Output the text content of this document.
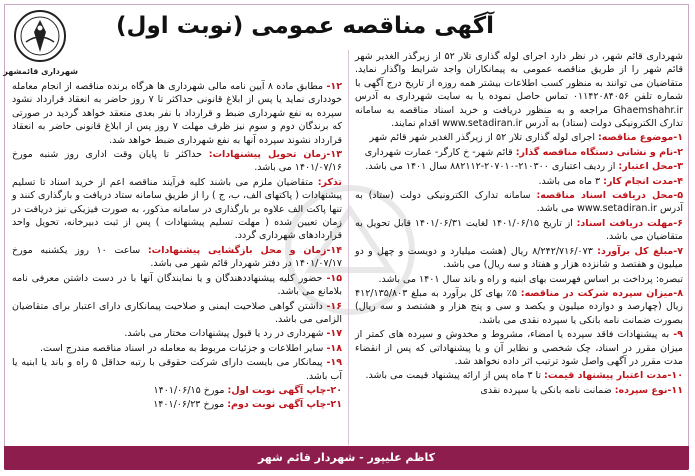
آگهی مناقصه عمومی (نوبت اول)
شهرداری قائمشهر

شهرداری قائم شهر، در نظر دارد اجرای لوله گذاری تلار ۵۲ از زیرگذر الغدیر شهر قائم شهر را از طریق مناقصه عمومی به پیمانکاران واجد شرایط واگذار نماید. متقاضیان می توانند به منظور کسب اطلاعات بیشتر همه روزه از تاریخ درج آگهی با شماره تلفن ۰۱۱۴۲۰۸۴۰۵۶ تماس حاصل نموده یا به سایت شهرداری به آدرس Ghaemshahr.ir مراجعه و به منظور دریافت و خرید اسناد مناقصه به سامانه تدارک الکترونیکی دولت (ستاد) به آدرس www.setadiran.ir اقدام نمایند.

۱-موضوع مناقصه: اجرای لوله گذاری تلار ۵۲ از زیرگذر الغدیر شهر قائم شهر

۲-نام و نشانی دستگاه مناقصه گذار: قائم شهر- خ کارگر- عمارت شهرداری

۳-محل اعتبار: از ردیف اعتباری ۲۱۰۳۰۰-۲۰۷۰۱۰-۸۸۲۱۱۲ سال ۱۴۰۱ می باشد.

۴-مدت انجام کار: ۳ ماه می باشد.

۵-محل دریافت اسناد مناقصه: سامانه تدارک الکترونیکی دولت (ستاد) به آدرس www.setadiran.ir می باشد.

۶-مهلت دریافت اسناد: از تاریخ ۱۴۰۱/۰۶/۱۵ لغایت ۱۴۰۱/۰۶/۳۱ قابل تحویل به متقاضیان می باشد.

۷-مبلغ کل برآورد: ۸/۲۴۲/۷۱۶/۰۷۳ ریال (هشت میلیارد و دویست و چهل و دو میلیون و هفتصد و شانزده هزار و هفتاد و سه ریال) می باشد.

تبصره: پرداخت بر اساس فهرست بهای ابنیه و راه و باند سال ۱۴۰۱ می باشد.

۸-میزان سپرده شرکت در مناقصه: ۵٪ بهای کل برآورد به مبلغ ۴۱۲/۱۳۵/۸۰۳ ریال (چهارصد و دوازده میلیون و یکصد و سی و پنج هزار و هشتصد و سه ریال) بصورت ضمانت نامه بانکی یا سپرده نقدی می باشد.

۹- به پیشنهادات فاقد سپرده یا امضاء، مشروط و مخدوش و سپرده های کمتر از میزان مقرر در اسناد، چک شخصی و نظایر آن و یا پیشنهاداتی که پس از انقضاء مدت مقرر در آگهی واصل شود ترتیب اثر داده نخواهد شد.

۱۰-مدت اعتبار پیشنهاد قیمت: تا ۳ ماه پس از ارائه پیشنهاد قیمت می باشد.

۱۱-نوع سپرده: ضمانت نامه بانکی یا سپرده نقدی

۱۲- مطابق ماده ۸ آیین نامه مالی شهرداری ها هرگاه برنده مناقصه از انجام معامله خودداری نماید یا پس از ابلاغ قانونی حداکثر تا ۷ روز حاضر به انعقاد قرارداد نشود سپرده به نفع شهرداری ضبط و قرارداد با نفر بعدی منعقد خواهد گردید در صورتی که برندگان دوم و سوم نیز ظرف مهلت ۷ روز پس از ابلاغ قانونی حاضر به انعقاد قرارداد نشوند سپرده آنها به نفع شهرداری ضبط خواهد شد.

۱۳-زمان تحویل پیشنهادات: حداکثر تا پایان وقت اداری روز شنبه مورخ ۱۴۰۱/۰۷/۱۶ می باشد.

تذکر: متقاضیان ملزم می باشند کلیه فرآیند مناقصه اعم از خرید اسناد تا تسلیم پیشنهادات ( پاکتهای الف، ب، ج ) را از طریق سامانه ستاد دریافت و بارگذاری کنند و تنها پاکت الف علاوه بر بارگذاری در سامانه مذکور، به صورت فیزیکی نیز دریافت در زمان تعیین شده ( مهلت تسلیم پیشنهادات ) پس از ثبت دبیرخانه، تحویل واحد قراردادهای شهرداری گردد.

۱۴-زمان و محل بازگشایی پیشنهادات: ساعت ۱۰ روز یکشنبه مورخ ۱۴۰۱/۰۷/۱۷ در دفتر شهردار قائم شهر می باشد.

۱۵- حضور کلیه پیشنهاددهندگان و یا نمایندگان آنها با در دست داشتن معرفی نامه بلامانع می باشد.

۱۶- داشتن گواهی صلاحیت ایمنی و صلاحیت پیمانکاری دارای اعتبار برای متقاضیان الزامی می باشد.

۱۷- شهرداری در رد یا قبول پیشنهادات مختار می باشد.

۱۸- سایر اطلاعات و جزئیات مربوط به معامله در اسناد مناقصه مندرج است.

۱۹- پیمانکار می بایست دارای شرکت حقوقی با رتبه حداقل ۵ راه و باند یا ابنیه یا آب باشد.

۲۰-چاپ آگهی نوبت اول: مورخ ۱۴۰۱/۰۶/۱۵

۲۱-چاپ آگهی نوبت دوم: مورخ ۱۴۰۱/۰۶/۲۳

کاظم علیپور - شهردار قائم شهر
